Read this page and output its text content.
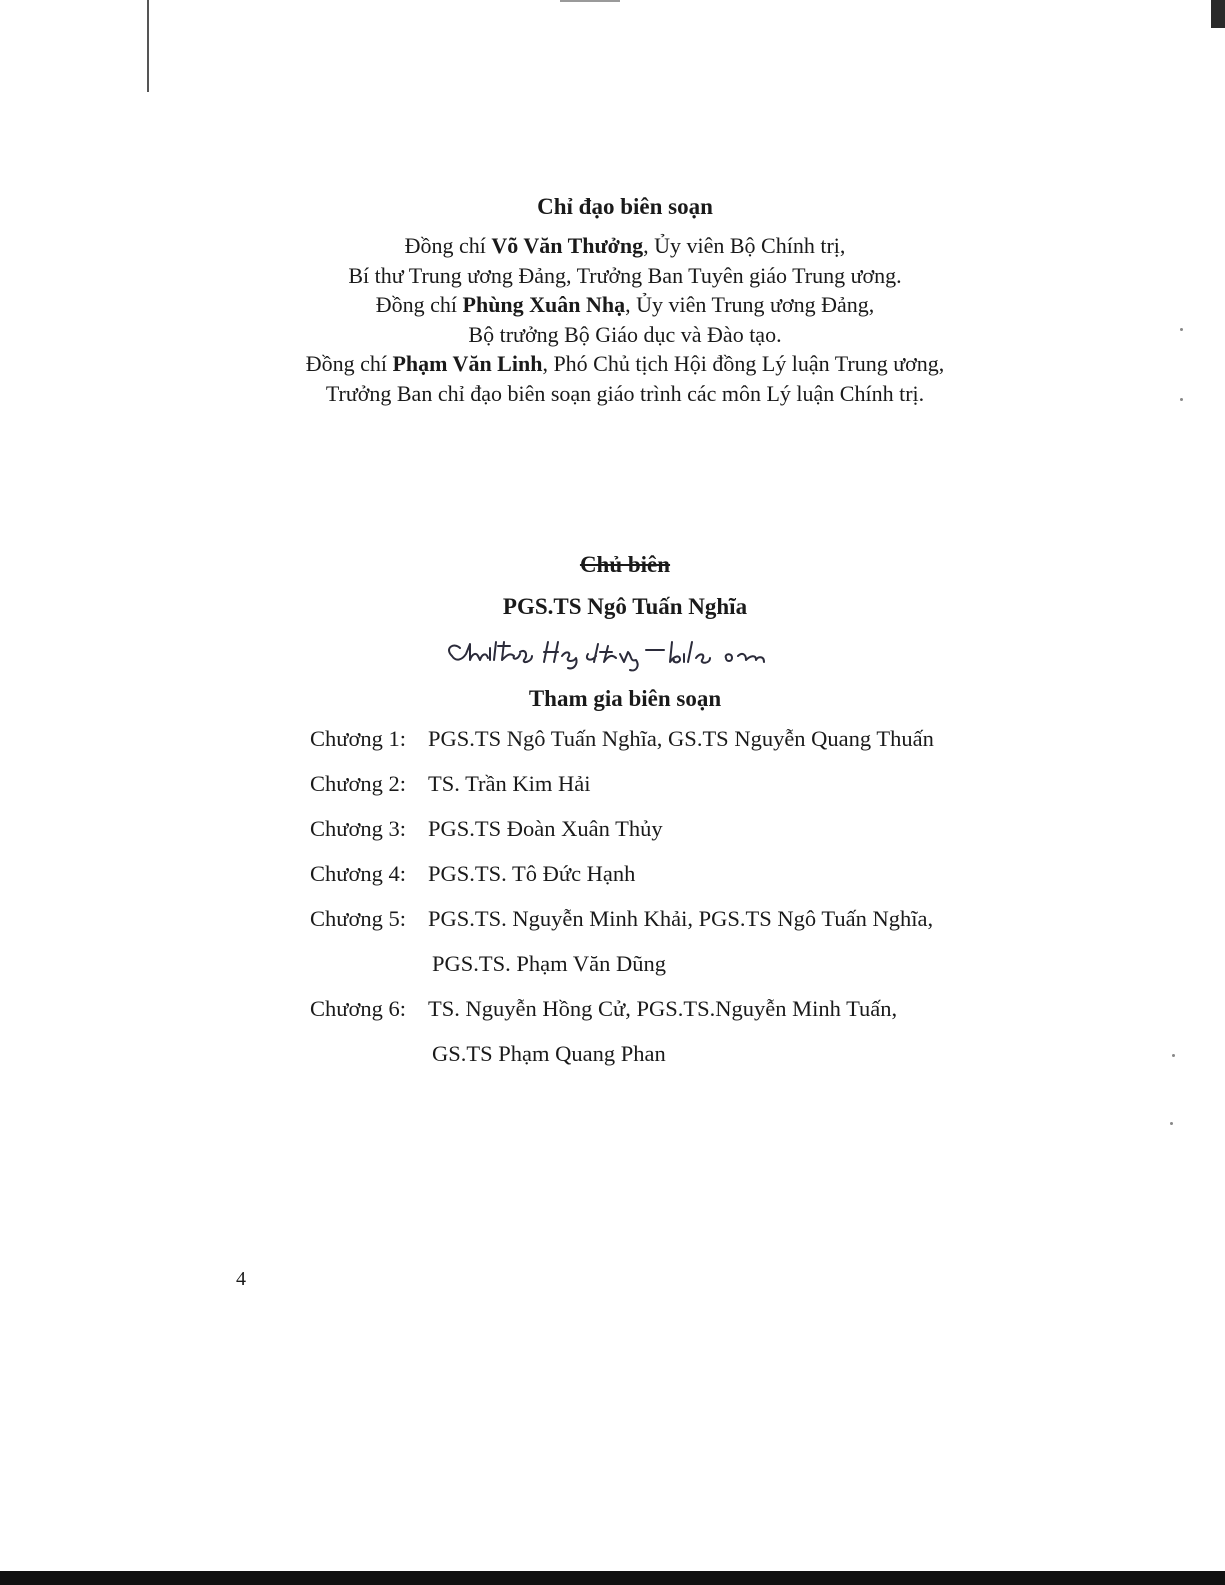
Chỉ đạo biên soạn

Đồng chí Võ Văn Thưởng, Ủy viên Bộ Chính trị,

Bí thư Trung ương Đảng, Trưởng Ban Tuyên giáo Trung ương.

Đồng chí Phùng Xuân Nhạ, Ủy viên Trung ương Đảng,

Bộ trưởng Bộ Giáo dục và Đào tạo.

Đồng chí Phạm Văn Linh, Phó Chủ tịch Hội đồng Lý luận Trung ương,

Trưởng Ban chỉ đạo biên soạn giáo trình các môn Lý luận Chính trị.

Chủ biên

PGS.TS Ngô Tuấn Nghĩa

Tham gia biên soạn

Chương 1: PGS.TS Ngô Tuấn Nghĩa, GS.TS Nguyễn Quang Thuấn
Chương 2: TS. Trần Kim Hải
Chương 3: PGS.TS Đoàn Xuân Thủy
Chương 4: PGS.TS. Tô Đức Hạnh
Chương 5: PGS.TS. Nguyễn Minh Khải, PGS.TS Ngô Tuấn Nghĩa,
PGS.TS. Phạm Văn Dũng
Chương 6: TS. Nguyễn Hồng Cử, PGS.TS.Nguyễn Minh Tuấn,
GS.TS Phạm Quang Phan
4
